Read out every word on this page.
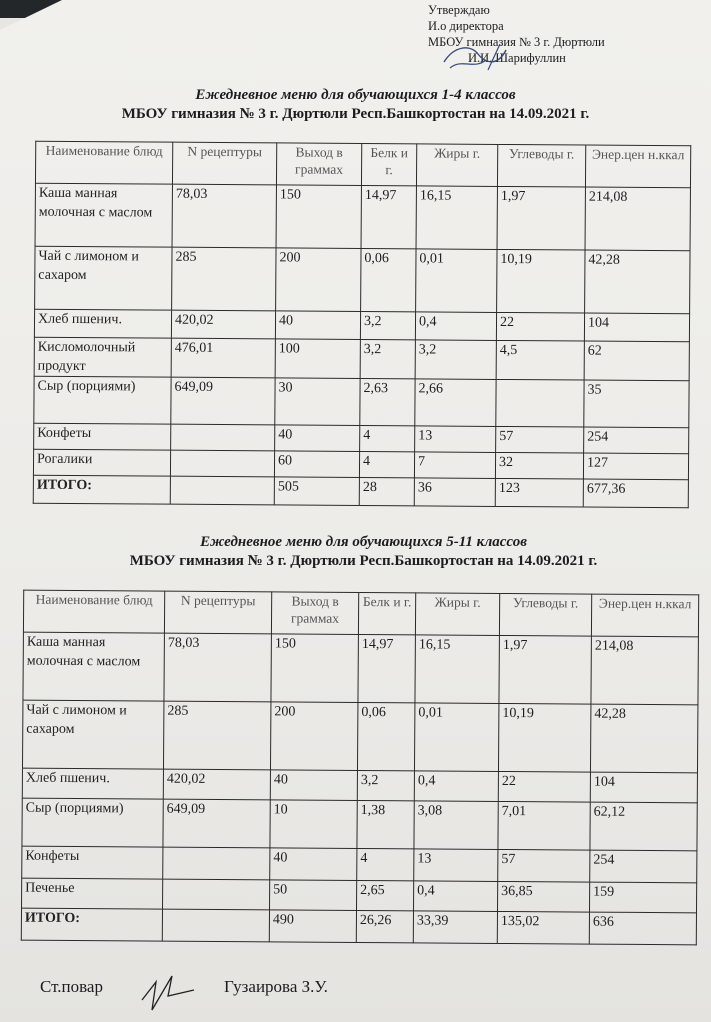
Утверждаю
И.о директора
МБОУ гимназия № 3 г. Дюртюли
И.И. Шарифуллин
Ежедневное меню для обучающихся 1-4 классов
МБОУ гимназия № 3 г. Дюртюли Респ.Башкортостан на 14.09.2021 г.
Наименование блюд	N рецептуры	Выход в граммах	Белк и г.	Жиры г.	Углеводы г.	Энер.цен н.ккал
Каша манная молочная с маслом	78,03	150	14,97	16,15	1,97	214,08
Чай с лимоном и сахаром	285	200	0,06	0,01	10,19	42,28
Хлеб пшенич.	420,02	40	3,2	0,4	22	104
Кисломолочный продукт	476,01	100	3,2	3,2	4,5	62
Сыр (порциями)	649,09	30	2,63	2,66		35
Конфеты		40	4	13	57	254
Рогалики		60	4	7	32	127
ИТОГО:		505	28	36	123	677,36
Ежедневное меню для обучающихся 5-11 классов
МБОУ гимназия № 3 г. Дюртюли Респ.Башкортостан на 14.09.2021 г.
Наименование блюд	N рецептуры	Выход в граммах	Белк и г.	Жиры г.	Углеводы г.	Энер.цен н.ккал
Каша манная молочная с маслом	78,03	150	14,97	16,15	1,97	214,08
Чай с лимоном и сахаром	285	200	0,06	0,01	10,19	42,28
Хлеб пшенич.	420,02	40	3,2	0,4	22	104
Сыр (порциями)	649,09	10	1,38	3,08	7,01	62,12
Конфеты		40	4	13	57	254
Печенье		50	2,65	0,4	36,85	159
ИТОГО:		490	26,26	33,39	135,02	636
Ст.повар	Гузаирова З.У.
